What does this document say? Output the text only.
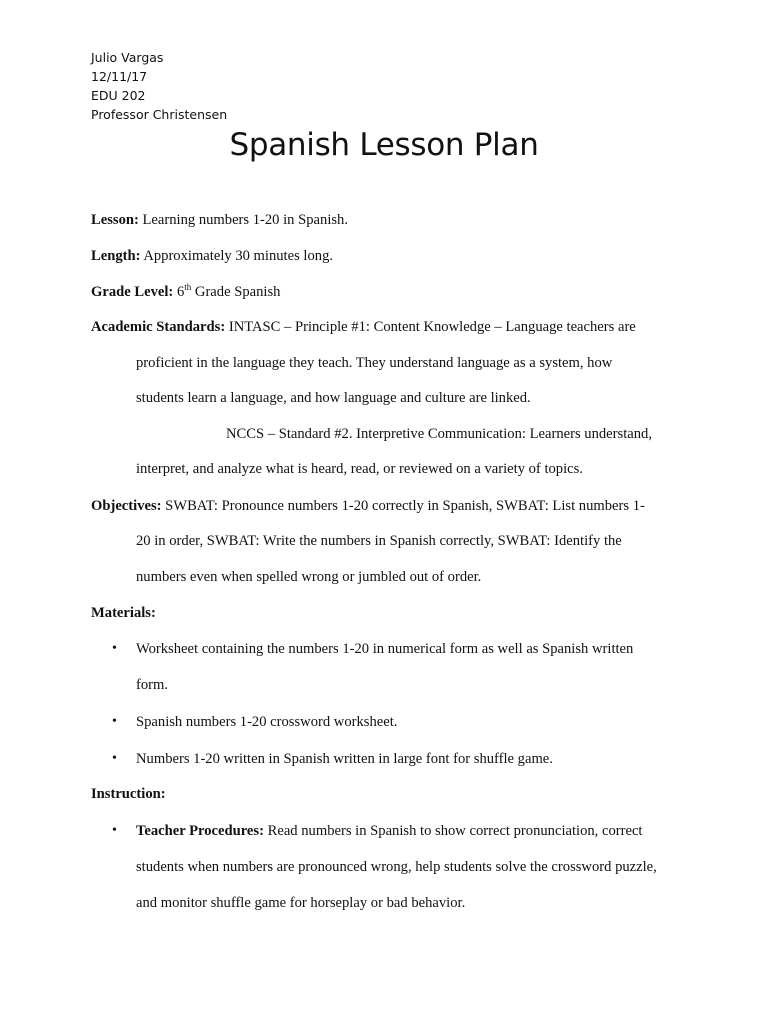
Julio Vargas
12/11/17
EDU 202
Professor Christensen
Spanish Lesson Plan
Lesson: Learning numbers 1-20 in Spanish.
Length: Approximately 30 minutes long.
Grade Level: 6th Grade Spanish
Academic Standards: INTASC – Principle #1: Content Knowledge – Language teachers are
proficient in the language they teach. They understand language as a system, how
students learn a language, and how language and culture are linked.
NCCS – Standard #2. Interpretive Communication: Learners understand,
interpret, and analyze what is heard, read, or reviewed on a variety of topics.
Objectives: SWBAT: Pronounce numbers 1-20 correctly in Spanish, SWBAT: List numbers 1-
20 in order, SWBAT: Write the numbers in Spanish correctly, SWBAT: Identify the
numbers even when spelled wrong or jumbled out of order.
Materials:
• Worksheet containing the numbers 1-20 in numerical form as well as Spanish written
form.
• Spanish numbers 1-20 crossword worksheet.
• Numbers 1-20 written in Spanish written in large font for shuffle game.
Instruction:
• Teacher Procedures: Read numbers in Spanish to show correct pronunciation, correct
students when numbers are pronounced wrong, help students solve the crossword puzzle,
and monitor shuffle game for horseplay or bad behavior.
